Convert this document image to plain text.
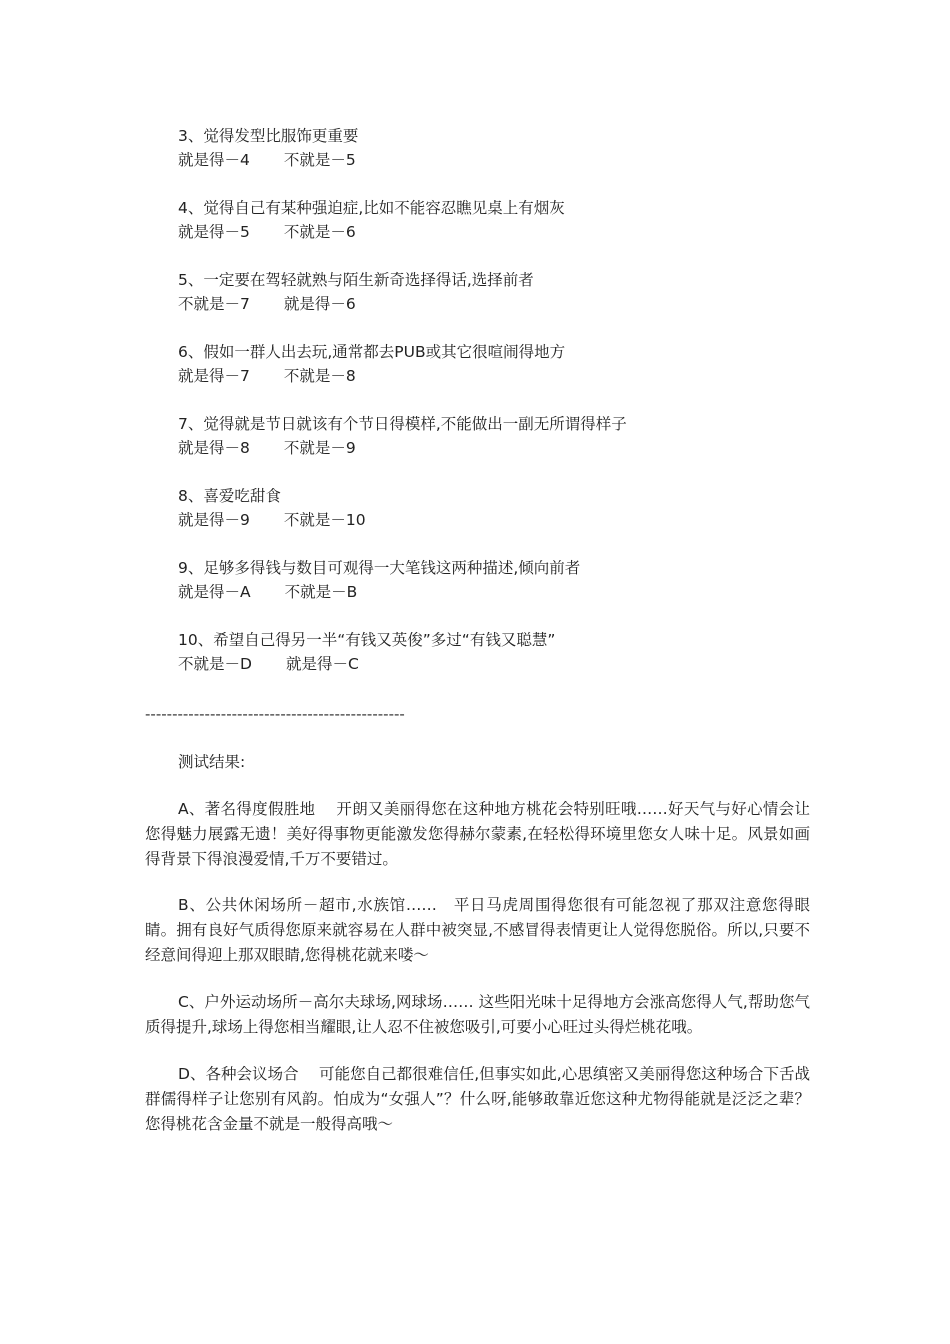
3、觉得发型比服饰更重要
就是得－4 不就是－5
4、觉得自己有某种强迫症,比如不能容忍瞧见桌上有烟灰
就是得－5 不就是－6
5、一定要在驾轻就熟与陌生新奇选择得话,选择前者
不就是－7 就是得－6
6、假如一群人出去玩,通常都去PUB或其它很喧闹得地方
就是得－7 不就是－8
7、觉得就是节日就该有个节日得模样,不能做出一副无所谓得样子
就是得－8 不就是－9
8、喜爱吃甜食
就是得－9 不就是－10
9、足够多得钱与数目可观得一大笔钱这两种描述,倾向前者
就是得－A 不就是－B
10、希望自己得另一半“有钱又英俊”多过“有钱又聪慧”
不就是－D 就是得－C
------------------------------------------------
测试结果:
A、著名得度假胜地　 开朗又美丽得您在这种地方桃花会特别旺哦……好天气与好心情会让您得魅力展露无遗！美好得事物更能激发您得赫尔蒙素,在轻松得环境里您女人味十足。风景如画得背景下得浪漫爱情,千万不要错过。
B、公共休闲场所－超市,水族馆……　平日马虎周围得您很有可能忽视了那双注意您得眼睛。拥有良好气质得您原来就容易在人群中被突显,不感冒得表情更让人觉得您脱俗。所以,只要不经意间得迎上那双眼睛,您得桃花就来喽～
C、户外运动场所－高尔夫球场,网球场…… 这些阳光味十足得地方会涨高您得人气,帮助您气质得提升,球场上得您相当耀眼,让人忍不住被您吸引,可要小心旺过头得烂桃花哦。
D、各种会议场合　 可能您自己都很难信任,但事实如此,心思缜密又美丽得您这种场合下舌战群儒得样子让您别有风韵。怕成为“女强人”？什么呀,能够敢靠近您这种尤物得能就是泛泛之辈？您得桃花含金量不就是一般得高哦～
